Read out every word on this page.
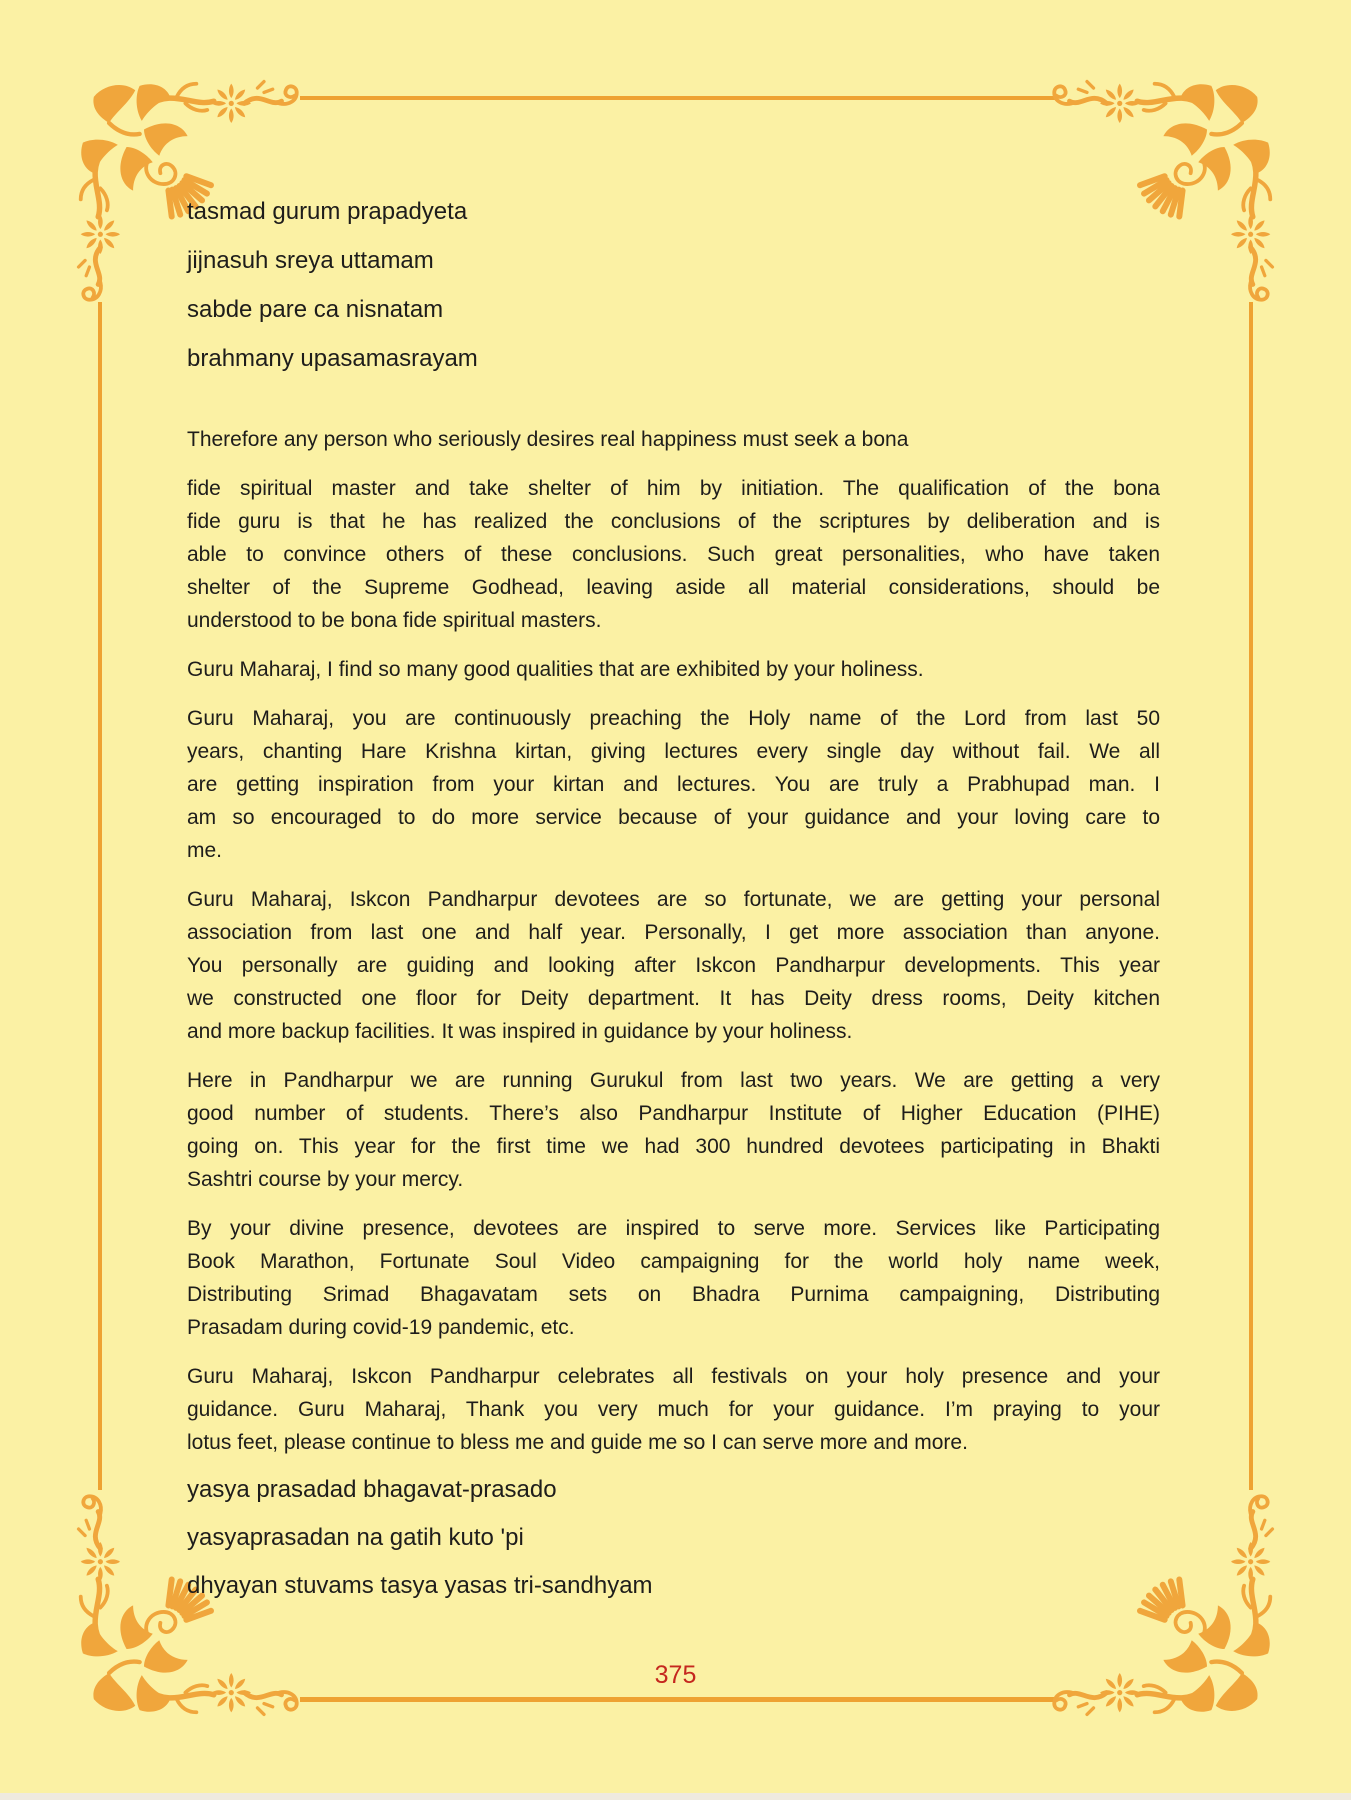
tasmad gurum prapadyeta
jijnasuh sreya uttamam
sabde pare ca nisnatam
brahmany upasamasrayam
Therefore any person who seriously desires real happiness must seek a bona
fide spiritual master and take shelter of him by initiation. The qualification of the bona
fide guru is that he has realized the conclusions of the scriptures by deliberation and is
able to convince others of these conclusions. Such great personalities, who have taken
shelter of the Supreme Godhead, leaving aside all material considerations, should be
understood to be bona fide spiritual masters.
Guru Maharaj, I find so many good qualities that are exhibited by your holiness.
Guru Maharaj, you are continuously preaching the Holy name of the Lord from last 50
years, chanting Hare Krishna kirtan, giving lectures every single day without fail. We all
are getting inspiration from your kirtan and lectures. You are truly a Prabhupad man. I
am so encouraged to do more service because of your guidance and your loving care to
me.
Guru Maharaj, Iskcon Pandharpur devotees are so fortunate, we are getting your personal
association from last one and half year. Personally, I get more association than anyone.
You personally are guiding and looking after Iskcon Pandharpur developments. This year
we constructed one floor for Deity department. It has Deity dress rooms, Deity kitchen
and more backup facilities. It was inspired in guidance by your holiness.
Here in Pandharpur we are running Gurukul from last two years. We are getting a very
good number of students. There’s also Pandharpur Institute of Higher Education (PIHE)
going on. This year for the first time we had 300 hundred devotees participating in Bhakti
Sashtri course by your mercy.
By your divine presence, devotees are inspired to serve more. Services like Participating
Book Marathon, Fortunate Soul Video campaigning for the world holy name week,
Distributing Srimad Bhagavatam sets on Bhadra Purnima campaigning, Distributing
Prasadam during covid-19 pandemic, etc.
Guru Maharaj, Iskcon Pandharpur celebrates all festivals on your holy presence and your
guidance. Guru Maharaj, Thank you very much for your guidance. I’m praying to your
lotus feet, please continue to bless me and guide me so I can serve more and more.
yasya prasadad bhagavat-prasado
yasyaprasadan na gatih kuto 'pi
dhyayan stuvams tasya yasas tri-sandhyam
375
